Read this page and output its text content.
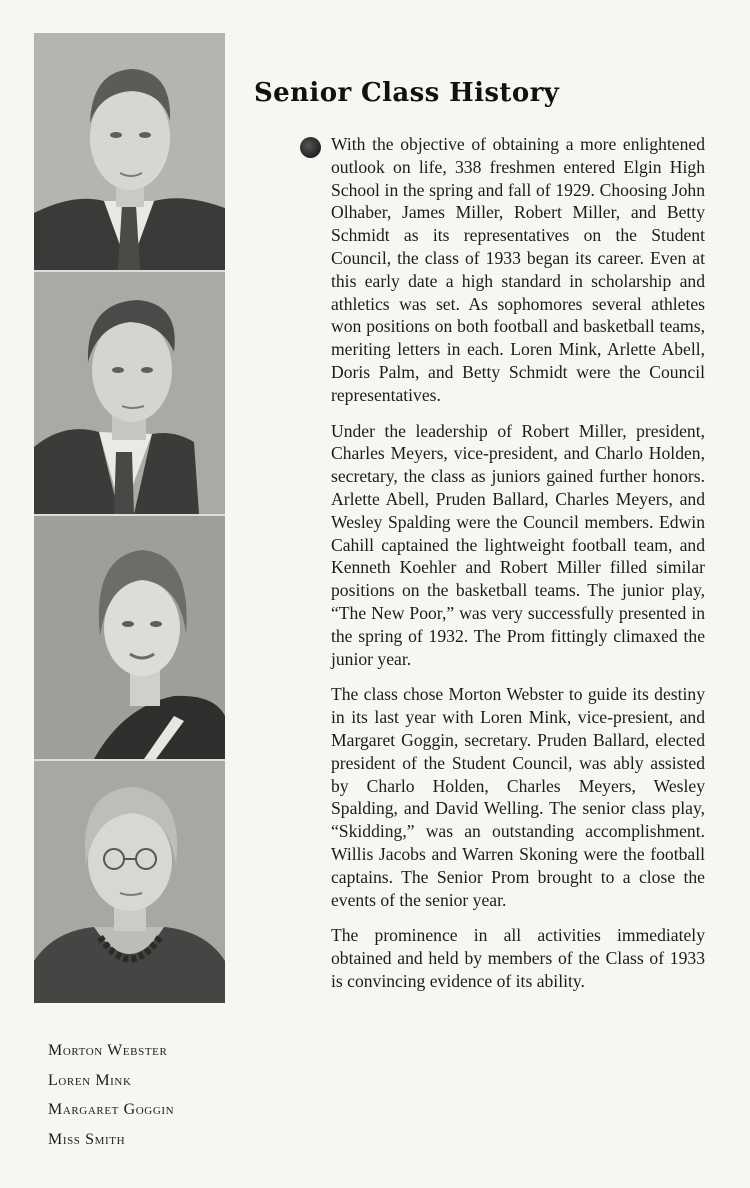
Morton Webster
Loren Mink
Margaret Goggin
Miss Smith
Senior Class History

With the objective of obtaining a more enlightened outlook on life, 338 freshmen entered Elgin High School in the spring and fall of 1929. Choosing John Olhaber, James Miller, Robert Miller, and Betty Schmidt as its representatives on the Student Council, the class of 1933 began its career. Even at this early date a high standard in scholarship and athletics was set. As sophomores several athletes won positions on both football and basketball teams, meriting letters in each. Loren Mink, Arlette Abell, Doris Palm, and Betty Schmidt were the Council representatives.

Under the leadership of Robert Miller, president, Charles Meyers, vice-president, and Charlo Holden, secretary, the class as juniors gained further honors. Arlette Abell, Pruden Ballard, Charles Meyers, and Wesley Spalding were the Council members. Edwin Cahill captained the lightweight football team, and Kenneth Koehler and Robert Miller filled similar positions on the basketball teams. The junior play, “The New Poor,” was very successfully presented in the spring of 1932. The Prom fittingly climaxed the junior year.

The class chose Morton Webster to guide its destiny in its last year with Loren Mink, vice-presient, and Margaret Goggin, secretary. Pruden Ballard, elected president of the Student Council, was ably assisted by Charlo Holden, Charles Meyers, Wesley Spalding, and David Welling. The senior class play, “Skidding,” was an outstanding accomplishment. Willis Jacobs and Warren Skoning were the football captains. The Senior Prom brought to a close the events of the senior year.

The prominence in all activities immediately obtained and held by members of the Class of 1933 is convincing evidence of its ability.
